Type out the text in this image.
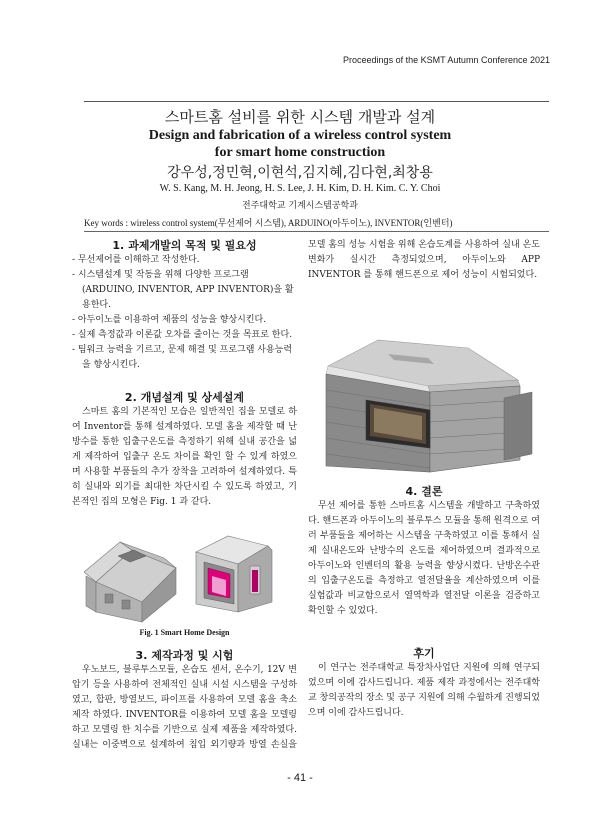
Proceedings of the KSMT Autumn Conference 2021
스마트홈 설비를 위한 시스템 개발과 설계
Design and fabrication of a wireless control system
for smart home construction
강우성,정민혁,이현석,김지혜,김다현,최창용
W. S. Kang, M. H. Jeong, H. S. Lee, J. H. Kim, D. H. Kim. C. Y. Choi
전주대학교 기계시스템공학과
Key words : wireless control system(무선제어 시스템), ARDUINO(아두이노), INVENTOR(인벤터)
1. 과제개발의 목적 및 필요성

- 무선제어를 이해하고 작성한다.

- 시스템설계 및 작동을 위해 다양한 프로그램 (ARDUINO, INVENTOR, APP INVENTOR)을 활용한다.

- 아두이노를 이용하여 제품의 성능을 향상시킨다.

- 실제 측정값과 이론값 오차를 줄이는 것을 목표로 한다.

- 팀워크 능력을 기르고, 문제 해결 및 프로그램 사용능력을 향상시킨다.

2. 개념설계 및 상세설계

스마트 홈의 기본적인 모습은 일반적인 집을 모델로 하여 Inventor를 통해 설계하였다. 모델 홈을 제작할 때 난방수를 통한 입출구온도를 측정하기 위해 실내 공간을 넓게 제작하여 입출구 온도 차이를 확인 할 수 있게 하였으며 사용할 부품들의 추가 장착을 고려하여 설계하였다. 특히 실내와 외기를 최대한 차단시킬 수 있도록 하였고, 기본적인 집의 모형은 Fig. 1 과 같다.

Fig. 1 Smart Home Design
3. 제작과정 및 시험

우노보드, 블루투스모듈, 온습도 센서, 온수기, 12V 변압기 등을 사용하여 전체적인 실내 시설 시스템을 구성하였고, 합판, 방열보드, 파이프를 사용하여 모델 홈을 축소 제작 하였다. INVENTOR를 이용하여 모델 홈을 모델링 하고 모델링 한 치수를 기반으로 실제 제품을 제작하였다. 실내는 이중벽으로 설계하여 침입 외기량과 방열 손실을

모델 홈의 성능 시험을 위해 온습도계를 사용하여 실내 온도변화가 실시간 측정되었으며, 아두이노와 APP INVENTOR 를 통해 핸드폰으로 제어 성능이 시험되었다.

4. 결론

무선 제어를 통한 스마트홈 시스템을 개발하고 구축하였다. 핸드폰과 아두이노의 블루투스 모듈을 통해 원격으로 여러 부품들을 제어하는 시스템을 구축하였고 이를 통해서 실제 실내온도와 난방수의 온도를 제어하였으며 결과적으로 아두이노와 인벤터의 활용 능력을 향상시켰다. 난방온수관의 입출구온도를 측정하고 열전달율을 계산하였으며 이를 실험값과 비교함으로서 열역학과 열전달 이론을 검증하고 확인할 수 있었다.

후기

이 연구는 전주대학교 특장차사업단 지원에 의해 연구되었으며 이에 감사드립니다. 제품 제작 과정에서는 전주대학교 창의공작의 장소 및 공구 지원에 의해 수월하게 진행되었으며 이에 감사드립니다.

- 41 -
